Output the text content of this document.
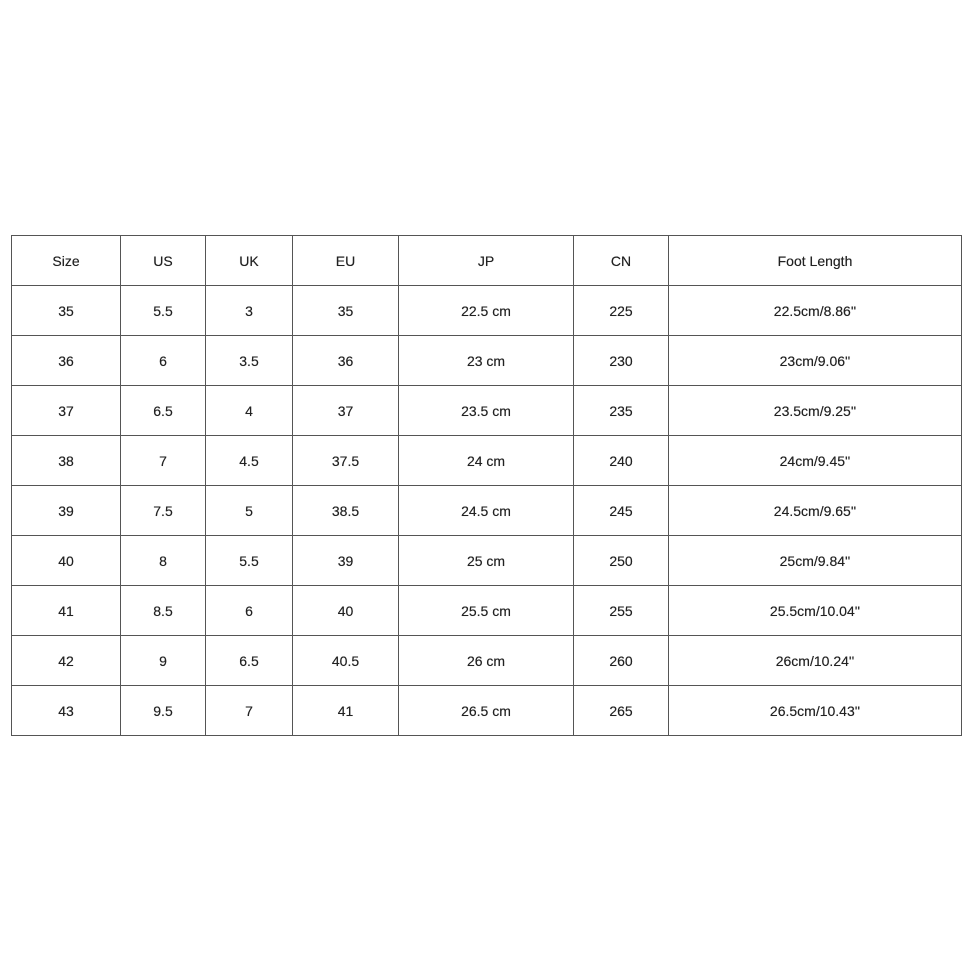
Size	US	UK	EU	JP	CN	Foot Length
35	5.5	3	35	22.5 cm	225	22.5cm/8.86''
36	6	3.5	36	23 cm	230	23cm/9.06''
37	6.5	4	37	23.5 cm	235	23.5cm/9.25''
38	7	4.5	37.5	24 cm	240	24cm/9.45''
39	7.5	5	38.5	24.5 cm	245	24.5cm/9.65''
40	8	5.5	39	25 cm	250	25cm/9.84''
41	8.5	6	40	25.5 cm	255	25.5cm/10.04''
42	9	6.5	40.5	26 cm	260	26cm/10.24''
43	9.5	7	41	26.5 cm	265	26.5cm/10.43''
